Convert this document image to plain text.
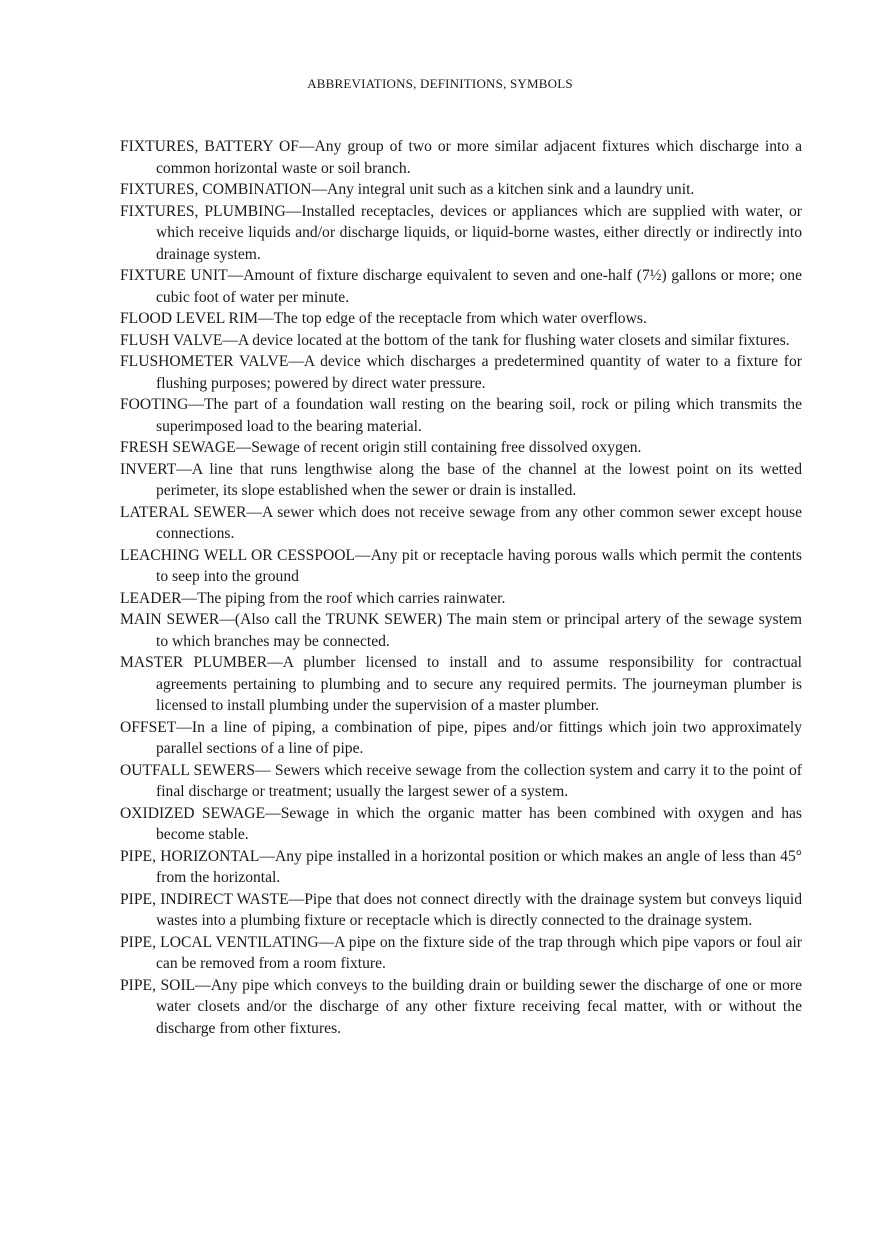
ABBREVIATIONS, DEFINITIONS, SYMBOLS
FIXTURES, BATTERY OF—Any group of two or more similar adjacent fixtures which discharge into a common horizontal waste or soil branch.
FIXTURES, COMBINATION—Any integral unit such as a kitchen sink and a laundry unit.
FIXTURES, PLUMBING—Installed receptacles, devices or appliances which are supplied with water, or which receive liquids and/or discharge liquids, or liquid-borne wastes, either directly or indirectly into drainage system.
FIXTURE UNIT—Amount of fixture discharge equivalent to seven and one-half (7½) gallons or more; one cubic foot of water per minute.
FLOOD LEVEL RIM—The top edge of the receptacle from which water overflows.
FLUSH VALVE—A device located at the bottom of the tank for flushing water closets and similar fixtures.
FLUSHOMETER VALVE—A device which discharges a predetermined quantity of water to a fixture for flushing purposes; powered by direct water pressure.
FOOTING—The part of a foundation wall resting on the bearing soil, rock or piling which transmits the superimposed load to the bearing material.
FRESH SEWAGE—Sewage of recent origin still containing free dissolved oxygen.
INVERT—A line that runs lengthwise along the base of the channel at the lowest point on its wetted perimeter, its slope established when the sewer or drain is installed.
LATERAL SEWER—A sewer which does not receive sewage from any other common sewer except house connections.
LEACHING WELL OR CESSPOOL—Any pit or receptacle having porous walls which permit the contents to seep into the ground
LEADER—The piping from the roof which carries rainwater.
MAIN SEWER—(Also call the TRUNK SEWER) The main stem or principal artery of the sewage system to which branches may be connected.
MASTER PLUMBER—A plumber licensed to install and to assume responsibility for contractual agreements pertaining to plumbing and to secure any required permits. The journeyman plumber is licensed to install plumbing under the supervision of a master plumber.
OFFSET—In a line of piping, a combination of pipe, pipes and/or fittings which join two approximately parallel sections of a line of pipe.
OUTFALL SEWERS— Sewers which receive sewage from the collection system and carry it to the point of final discharge or treatment; usually the largest sewer of a system.
OXIDIZED SEWAGE—Sewage in which the organic matter has been combined with oxygen and has become stable.
PIPE, HORIZONTAL—Any pipe installed in a horizontal position or which makes an angle of less than 45° from the horizontal.
PIPE, INDIRECT WASTE—Pipe that does not connect directly with the drainage system but conveys liquid wastes into a plumbing fixture or receptacle which is directly connected to the drainage system.
PIPE, LOCAL VENTILATING—A pipe on the fixture side of the trap through which pipe vapors or foul air can be removed from a room fixture.
PIPE, SOIL—Any pipe which conveys to the building drain or building sewer the discharge of one or more water closets and/or the discharge of any other fixture receiving fecal matter, with or without the discharge from other fixtures.
